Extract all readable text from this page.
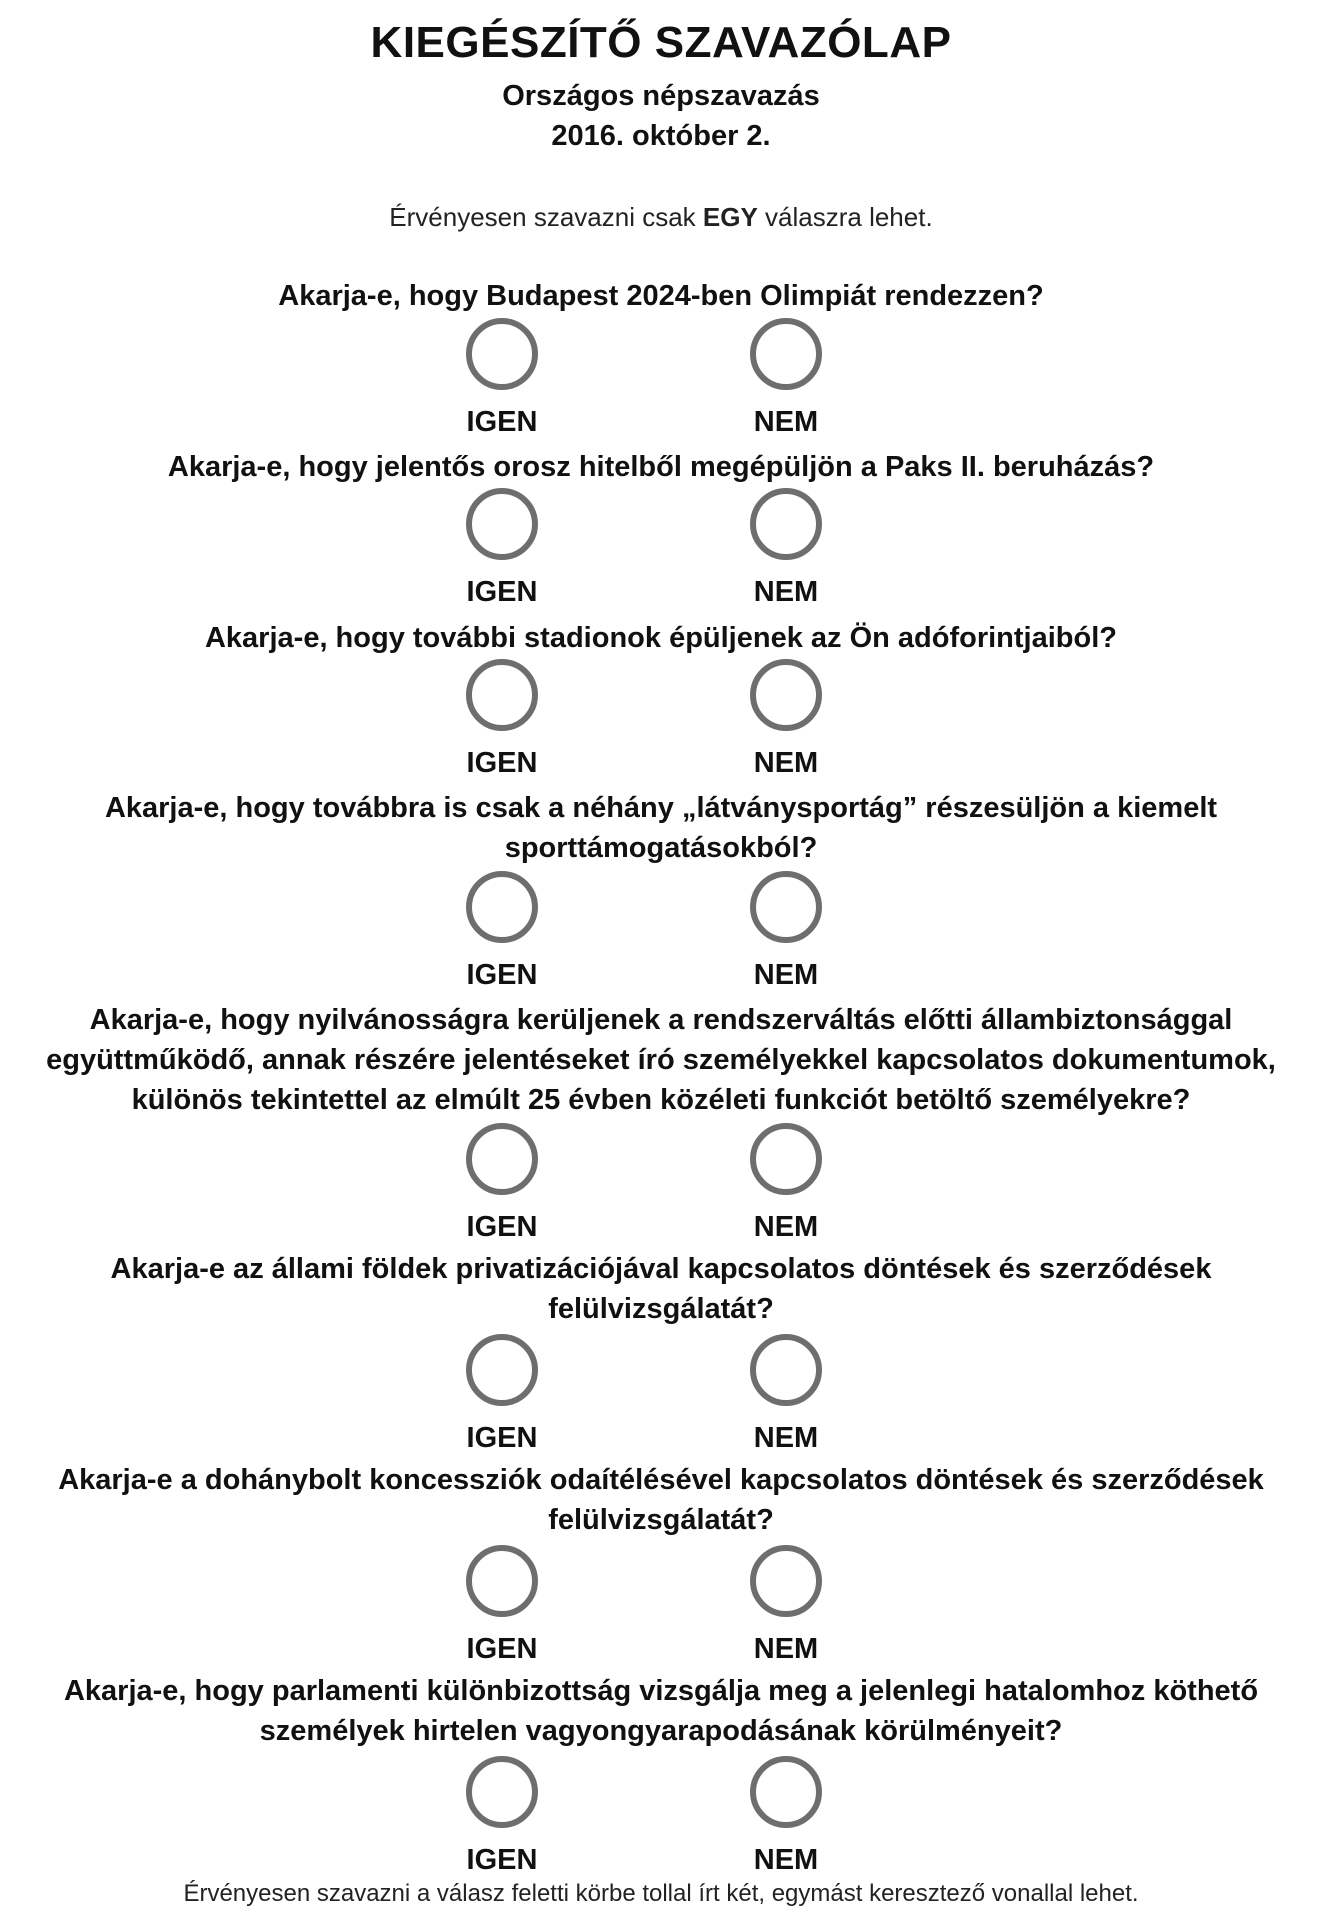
KIEGÉSZÍTŐ SZAVAZÓLAP
Országos népszavazás
2016. október 2.
Érvényesen szavazni csak EGY válaszra lehet.
Akarja-e, hogy Budapest 2024-ben Olimpiát rendezzen?
IGEN	NEM
Akarja-e, hogy jelentős orosz hitelből megépüljön a Paks II. beruházás?
IGEN	NEM
Akarja-e, hogy további stadionok épüljenek az Ön adóforintjaiból?
IGEN	NEM
Akarja-e, hogy továbbra is csak a néhány „látványsportág” részesüljön a kiemelt
sporttámogatásokból?
IGEN	NEM
Akarja-e, hogy nyilvánosságra kerüljenek a rendszerváltás előtti állambiztonsággal
együttműködő, annak részére jelentéseket író személyekkel kapcsolatos dokumentumok,
különös tekintettel az elmúlt 25 évben közéleti funkciót betöltő személyekre?
IGEN	NEM
Akarja-e az állami földek privatizációjával kapcsolatos döntések és szerződések
felülvizsgálatát?
IGEN	NEM
Akarja-e a dohánybolt koncessziók odaítélésével kapcsolatos döntések és szerződések
felülvizsgálatát?
IGEN	NEM
Akarja-e, hogy parlamenti különbizottság vizsgálja meg a jelenlegi hatalomhoz köthető
személyek hirtelen vagyongyarapodásának körülményeit?
IGEN	NEM
Érvényesen szavazni a válasz feletti körbe tollal írt két, egymást keresztező vonallal lehet.
